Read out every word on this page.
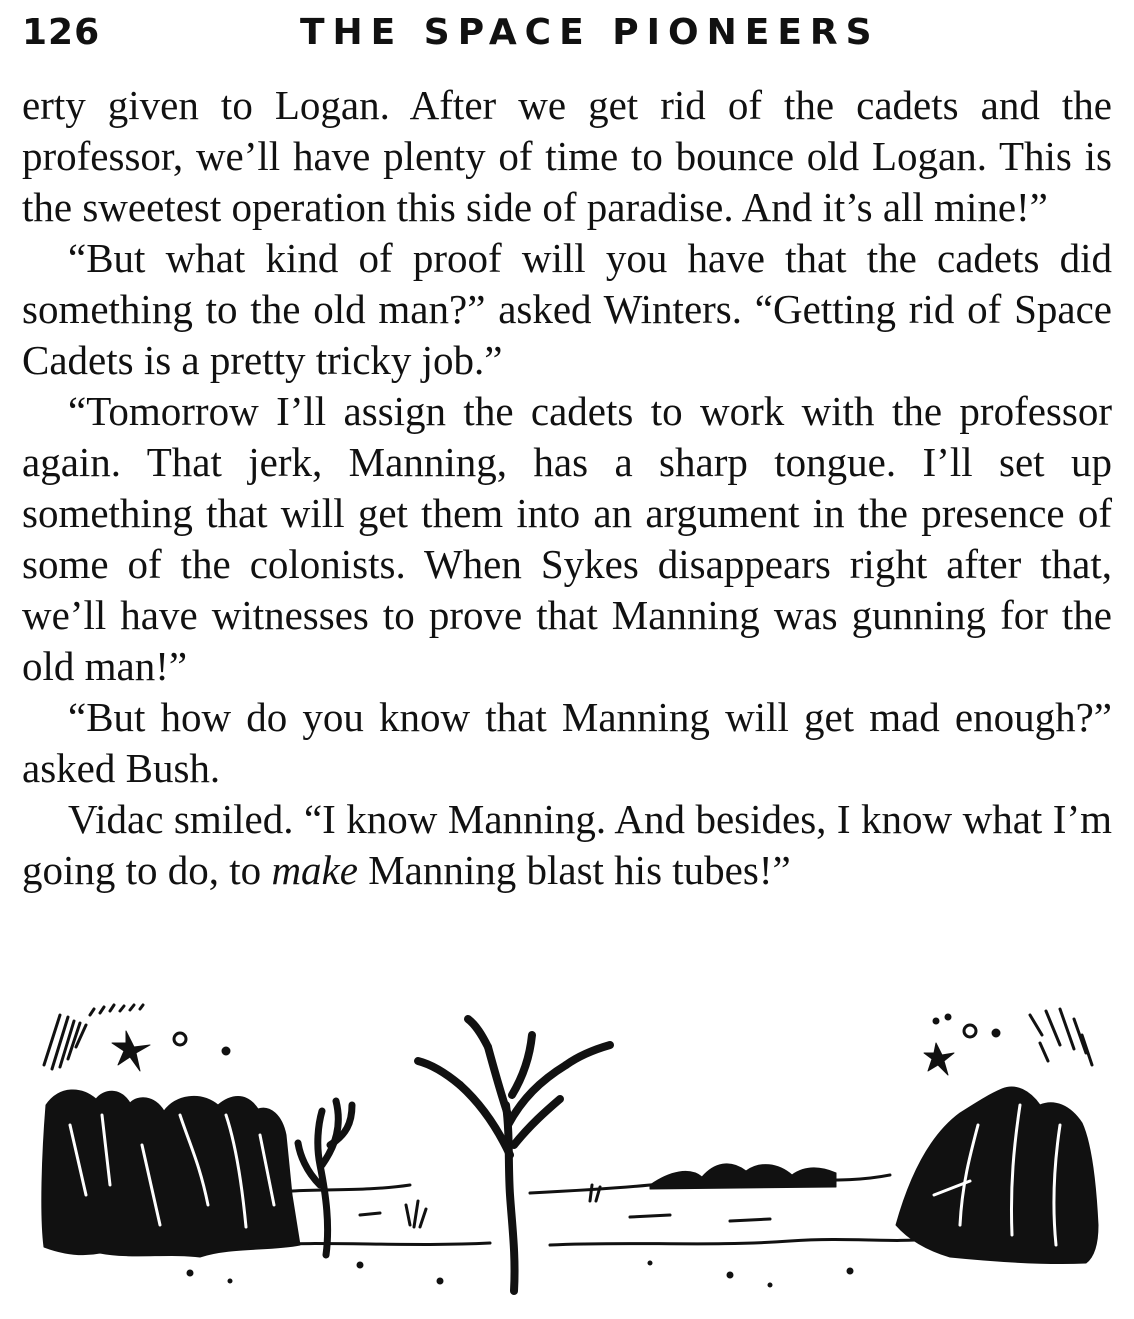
126	THE SPACE PIONEERS

erty given to Logan. After we get rid of the cadets and the professor, we’ll have plenty of time to bounce old Logan. This is the sweetest operation this side of paradise. And it’s all mine!”

“But what kind of proof will you have that the cadets did something to the old man?” asked Winters. “Getting rid of Space Cadets is a pretty tricky job.”

“Tomorrow I’ll assign the cadets to work with the professor again. That jerk, Manning, has a sharp tongue. I’ll set up something that will get them into an argument in the presence of some of the colonists. When Sykes disappears right after that, we’ll have witnesses to prove that Manning was gunning for the old man!”

“But how do you know that Manning will get mad enough?” asked Bush.

Vidac smiled. “I know Manning. And besides, I know what I’m going to do, to make Manning blast his tubes!”
